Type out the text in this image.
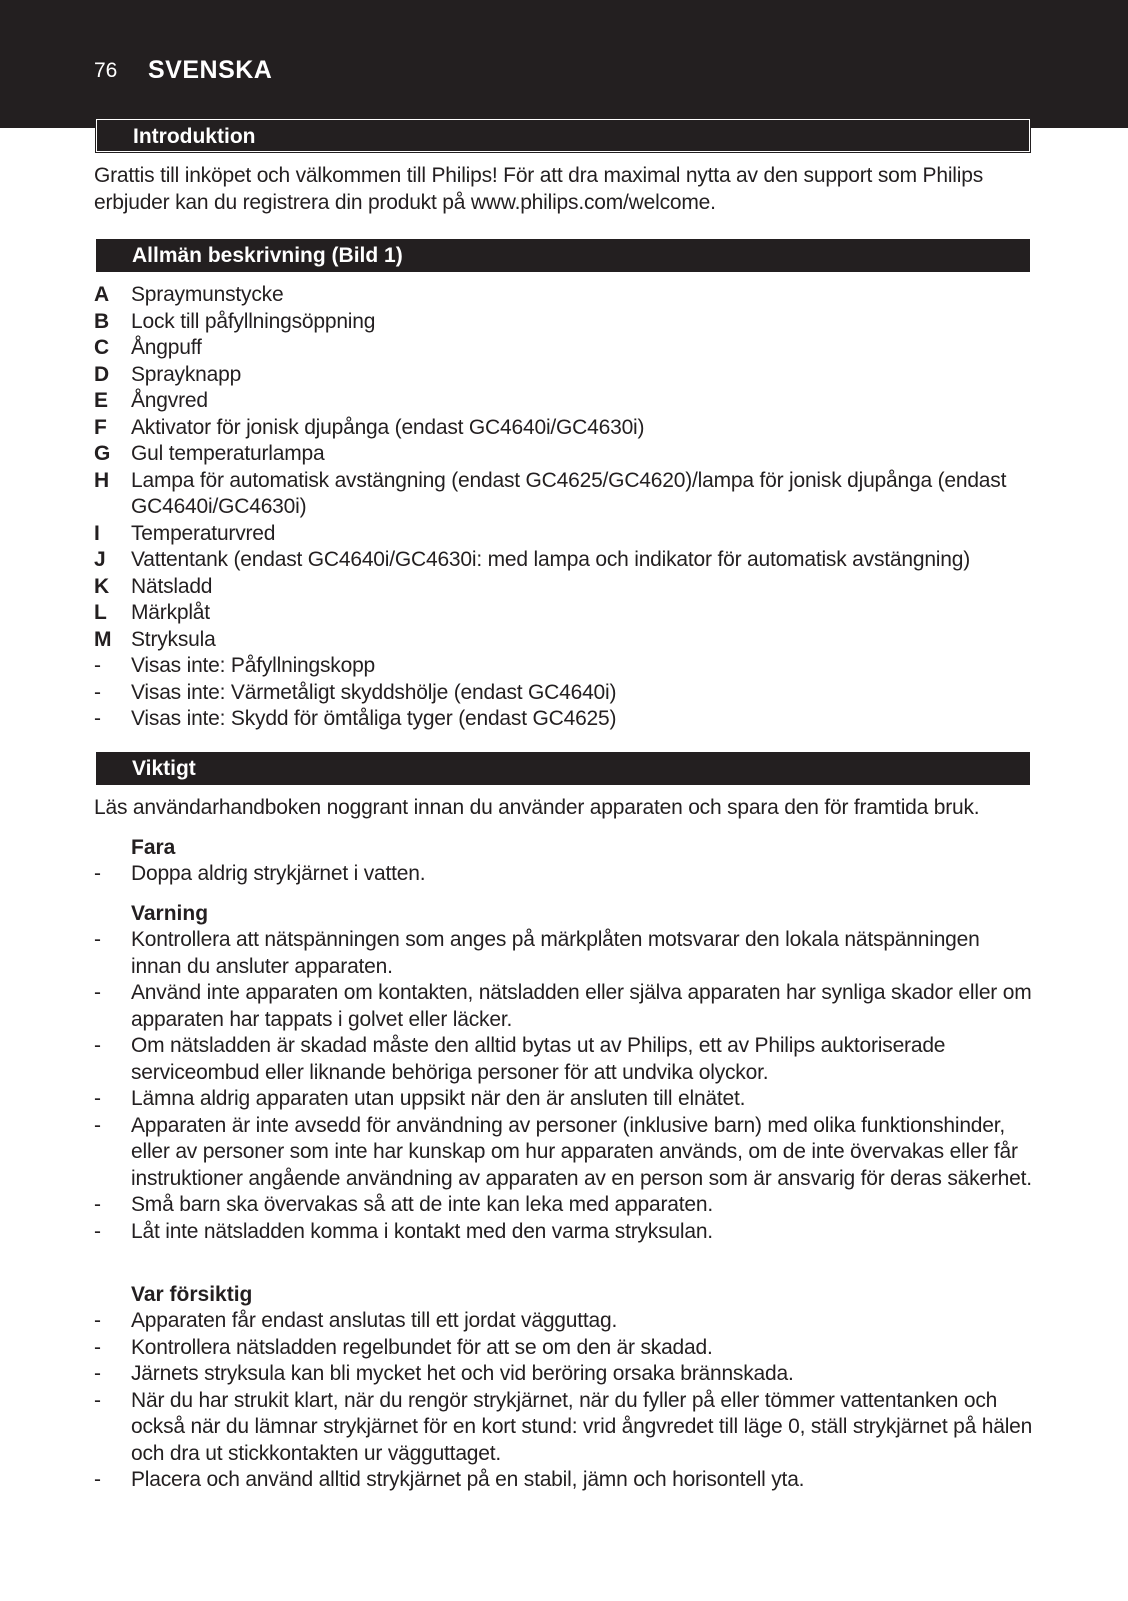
76 SVENSKA
Introduktion
Grattis till inköpet och välkommen till Philips! För att dra maximal nytta av den support som Philips erbjuder kan du registrera din produkt på www.philips.com/welcome.
Allmän beskrivning (Bild 1)
A	Spraymunstycke
B	Lock till påfyllningsöppning
C	Ångpuff
D	Sprayknapp
E	Ångvred
F	Aktivator för jonisk djupånga (endast GC4640i/GC4630i)
G Gul temperaturlampa
H	Lampa för automatisk avstängning (endast GC4625/GC4620)/lampa för jonisk djupånga (endast GC4640i/GC4630i)
I	Temperaturvred
J	Vattentank (endast GC4640i/GC4630i: med lampa och indikator för automatisk avstängning)
K	Nätsladd
L	Märkplåt
M Stryksula
-	Visas inte: Påfyllningskopp
-	Visas inte: Värmetåligt skyddshölje (endast GC4640i)
-	Visas inte: Skydd för ömtåliga tyger (endast GC4625)
Viktigt
Läs användarhandboken noggrant innan du använder apparaten och spara den för framtida bruk.
Fara
-	Doppa aldrig strykjärnet i vatten.
Varning
-	Kontrollera att nätspänningen som anges på märkplåten motsvarar den lokala nätspänningen innan du ansluter apparaten.
-	Använd inte apparaten om kontakten, nätsladden eller själva apparaten har synliga skador eller om apparaten har tappats i golvet eller läcker.
-	Om nätsladden är skadad måste den alltid bytas ut av Philips, ett av Philips auktoriserade serviceombud eller liknande behöriga personer för att undvika olyckor.
-	Lämna aldrig apparaten utan uppsikt när den är ansluten till elnätet.
-	Apparaten är inte avsedd för användning av personer (inklusive barn) med olika funktionshinder, eller av personer som inte har kunskap om hur apparaten används, om de inte övervakas eller får instruktioner angående användning av apparaten av en person som är ansvarig för deras säkerhet.
-	Små barn ska övervakas så att de inte kan leka med apparaten.
-	Låt inte nätsladden komma i kontakt med den varma stryksulan.
Var försiktig
-	Apparaten får endast anslutas till ett jordat vägguttag.
-	Kontrollera nätsladden regelbundet för att se om den är skadad.
-	Järnets stryksula kan bli mycket het och vid beröring orsaka brännskada.
-	När du har strukit klart, när du rengör strykjärnet, när du fyller på eller tömmer vattentanken och också när du lämnar strykjärnet för en kort stund: vrid ångvredet till läge 0, ställ strykjärnet på hälen och dra ut stickkontakten ur vägguttaget.
-	Placera och använd alltid strykjärnet på en stabil, jämn och horisontell yta.
